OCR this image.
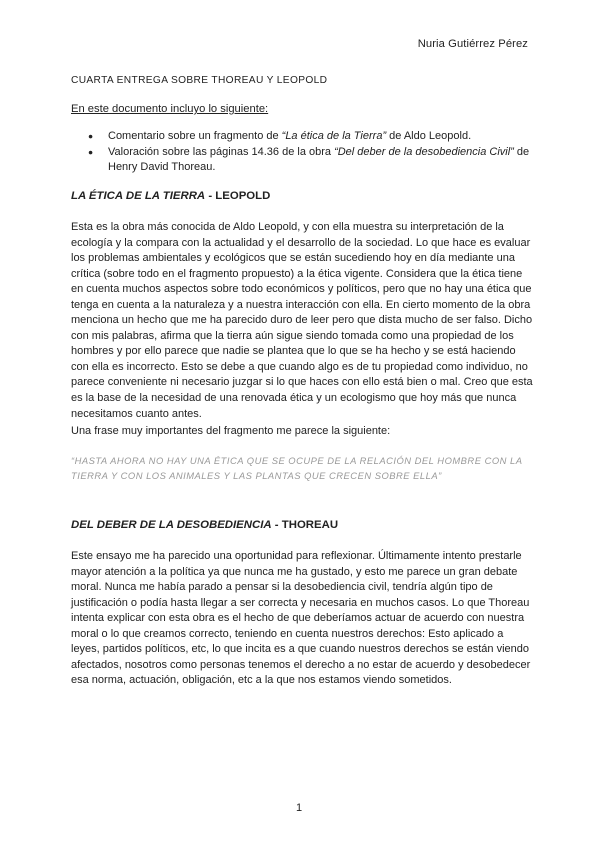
Nuria Gutiérrez Pérez
CUARTA ENTREGA SOBRE THOREAU Y LEOPOLD
En este documento incluyo lo siguiente:
● Comentario sobre un fragmento de “La ética de la Tierra” de Aldo Leopold.
● Valoración sobre las páginas 14.36 de la obra “Del deber de la desobediencia Civil” de Henry David Thoreau.
LA ÉTICA DE LA TIERRA - LEOPOLD
Esta es la obra más conocida de Aldo Leopold, y con ella muestra su interpretación de la ecología y la compara con la actualidad y el desarrollo de la sociedad. Lo que hace es evaluar los problemas ambientales y ecológicos que se están sucediendo hoy en día mediante una crítica (sobre todo en el fragmento propuesto) a la ética vigente. Considera que la ética tiene en cuenta muchos aspectos sobre todo económicos y políticos, pero que no hay una ética que tenga en cuenta a la naturaleza y a nuestra interacción con ella. En cierto momento de la obra menciona un hecho que me ha parecido duro de leer pero que dista mucho de ser falso. Dicho con mis palabras, afirma que la tierra aún sigue siendo tomada como una propiedad de los hombres y por ello parece que nadie se plantea que lo que se ha hecho y se está haciendo con ella es incorrecto. Esto se debe a que cuando algo es de tu propiedad como individuo, no parece conveniente ni necesario juzgar si lo que haces con ello está bien o mal. Creo que esta es la base de la necesidad de una renovada ética y un ecologismo que hoy más que nunca necesitamos cuanto antes.
Una frase muy importantes del fragmento me parece la siguiente:
“HASTA AHORA NO HAY UNA ÉTICA QUE SE OCUPE DE LA RELACIÓN DEL HOMBRE CON LA TIERRA Y CON LOS ANIMALES Y LAS PLANTAS QUE CRECEN SOBRE ELLA”
DEL DEBER DE LA DESOBEDIENCIA - THOREAU
Este ensayo me ha parecido una oportunidad para reflexionar. Últimamente intento prestarle mayor atención a la política ya que nunca me ha gustado, y esto me parece un gran debate moral. Nunca me había parado a pensar si la desobediencia civil, tendría algún tipo de justificación o podía hasta llegar a ser correcta y necesaria en muchos casos. Lo que Thoreau intenta explicar con esta obra es el hecho de que deberíamos actuar de acuerdo con nuestra moral o lo que creamos correcto, teniendo en cuenta nuestros derechos: Esto aplicado a leyes, partidos políticos, etc, lo que incita es a que cuando nuestros derechos se están viendo afectados, nosotros como personas tenemos el derecho a no estar de acuerdo y desobedecer esa norma, actuación, obligación, etc a la que nos estamos viendo sometidos.
1
